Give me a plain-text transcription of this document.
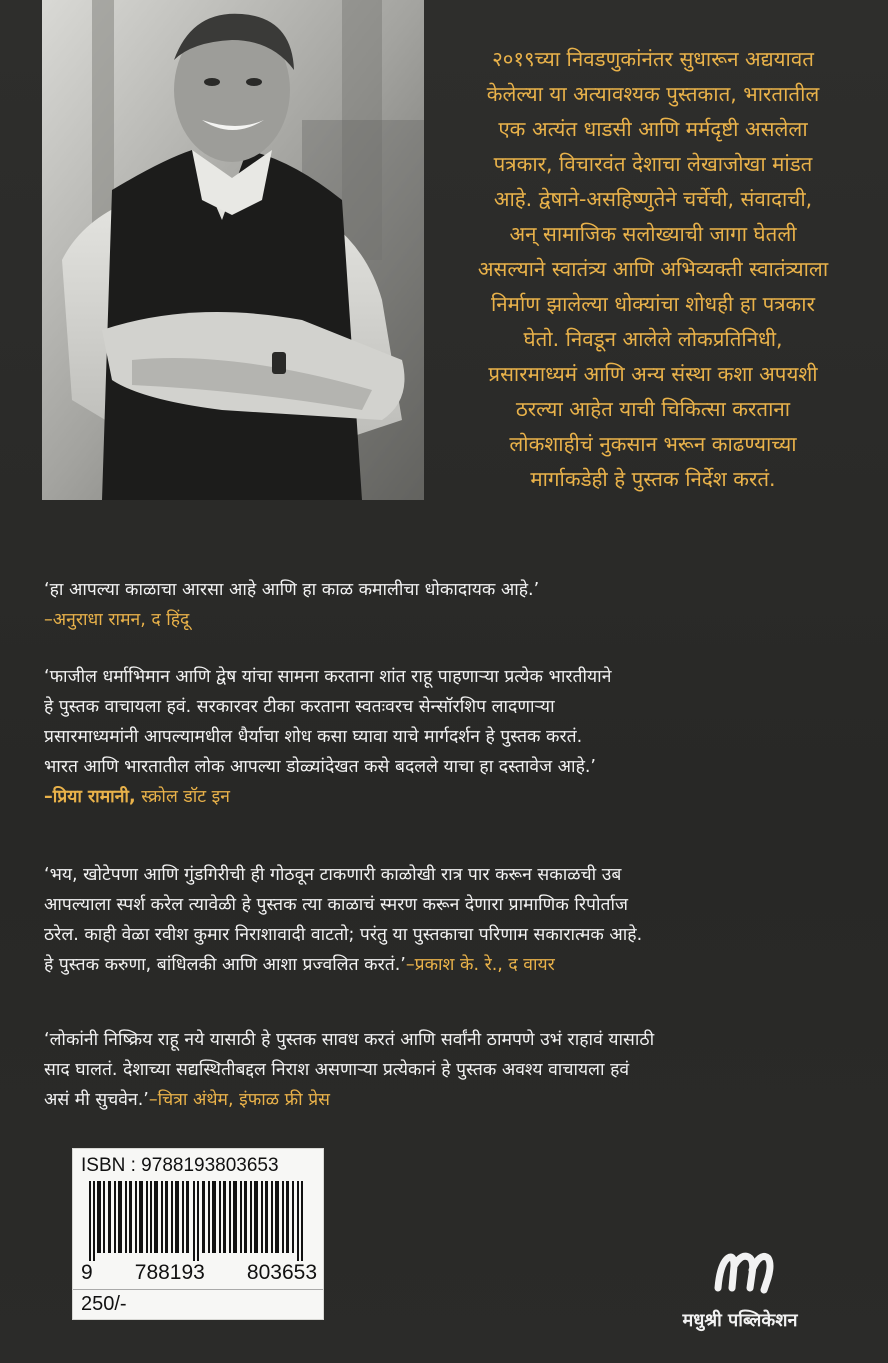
२०१९च्या निवडणुकांनंतर सुधारून अद्ययावत
केलेल्या या अत्यावश्यक पुस्तकात, भारतातील
एक अत्यंत धाडसी आणि मर्मदृष्टी असलेला
पत्रकार, विचारवंत देशाचा लेखाजोखा मांडत
आहे. द्वेषाने-असहिष्णुतेने चर्चेची, संवादाची,
अन् सामाजिक सलोख्याची जागा घेतली
असल्याने स्वातंत्र्य आणि अभिव्यक्ती स्वातंत्र्याला
निर्माण झालेल्या धोक्यांचा शोधही हा पत्रकार
घेतो. निवडून आलेले लोकप्रतिनिधी,
प्रसारमाध्यमं आणि अन्य संस्था कशा अपयशी
ठरल्या आहेत याची चिकित्सा करताना
लोकशाहीचं नुकसान भरून काढण्याच्या
मार्गाकडेही हे पुस्तक निर्देश करतं.

‘हा आपल्या काळाचा आरसा आहे आणि हा काळ कमालीचा धोकादायक आहे.’
–अनुराधा रामन, द हिंदू

‘फाजील धर्माभिमान आणि द्वेष यांचा सामना करताना शांत राहू पाहणाऱ्या प्रत्येक भारतीयाने
हे पुस्तक वाचायला हवं. सरकारवर टीका करताना स्वतःवरच सेन्सॉरशिप लादणाऱ्या
प्रसारमाध्यमांनी आपल्यामधील धैर्याचा शोध कसा घ्यावा याचे मार्गदर्शन हे पुस्तक करतं.
भारत आणि भारतातील लोक आपल्या डोळ्यांदेखत कसे बदलले याचा हा दस्तावेज आहे.’
–प्रिया रामानी, स्क्रोल डॉट इन

‘भय, खोटेपणा आणि गुंडगिरीची ही गोठवून टाकणारी काळोखी रात्र पार करून सकाळची उब
आपल्याला स्पर्श करेल त्यावेळी हे पुस्तक त्या काळाचं स्मरण करून देणारा प्रामाणिक रिपोर्ताज
ठरेल. काही वेळा रवीश कुमार निराशावादी वाटतो; परंतु या पुस्तकाचा परिणाम सकारात्मक आहे.
हे पुस्तक करुणा, बांधिलकी आणि आशा प्रज्वलित करतं.’–प्रकाश के. रे., द वायर

‘लोकांनी निष्क्रिय राहू नये यासाठी हे पुस्तक सावध करतं आणि सर्वांनी ठामपणे उभं राहावं यासाठी
साद घालतं. देशाच्या सद्यस्थितीबद्दल निराश असणाऱ्या प्रत्येकानं हे पुस्तक अवश्य वाचायला हवं
असं मी सुचवेन.’–चित्रा अंथेम, इंफाळ फ्री प्रेस

ISBN : 9788193803653

9 788193 803653

250/-

मधुश्री पब्लिकेशन
